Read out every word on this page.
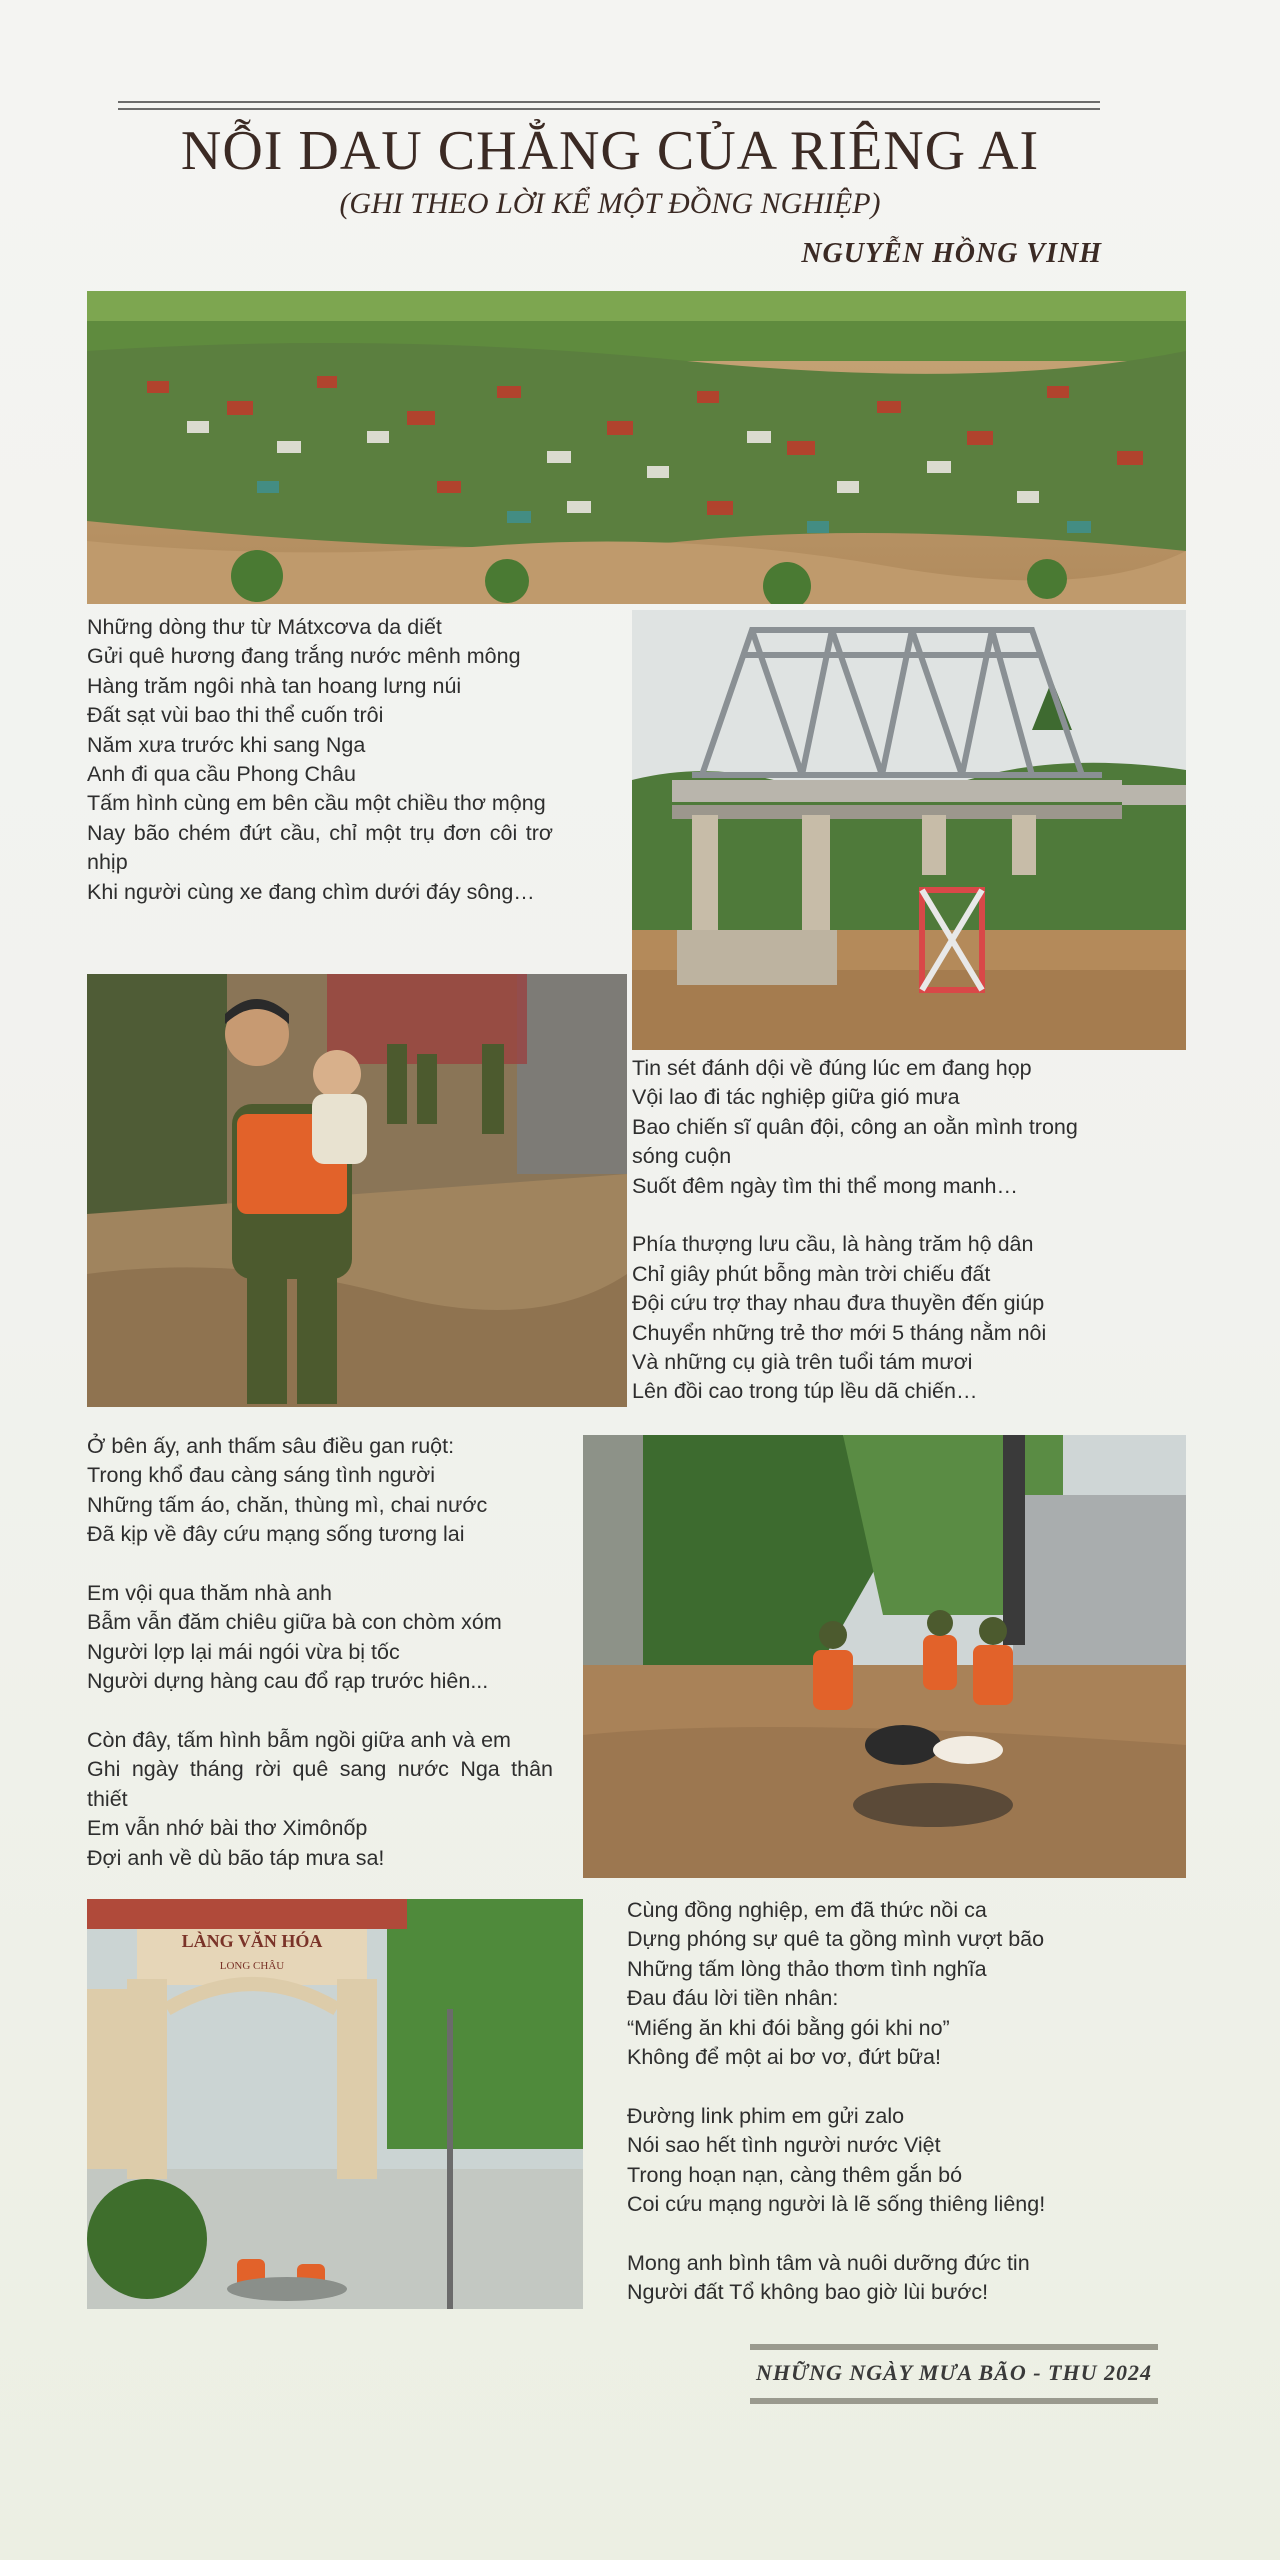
NỖI DAU CHẲNG CỦA RIÊNG AI
(GHI THEO LỜI KỂ MỘT ĐỒNG NGHIỆP)
NGUYỄN HỒNG VINH

Những dòng thư từ Mátxcơva da diết

Gửi quê hương đang trắng nước mênh mông

Hàng trăm ngôi nhà tan hoang lưng núi

Đất sạt vùi bao thi thể cuốn trôi

Năm xưa trước khi sang Nga

Anh đi qua cầu Phong Châu

Tấm hình cùng em bên cầu một chiều thơ mộng

Nay bão chém đứt cầu, chỉ một trụ đơn côi trơ nhịp

Khi người cùng xe đang chìm dưới đáy sông…

Tin sét đánh dội về đúng lúc em đang họp

Vội lao đi tác nghiệp giữa gió mưa

Bao chiến sĩ quân đội, công an oằn mình trong sóng cuộn

Suốt đêm ngày tìm thi thể mong manh…

Phía thượng lưu cầu, là hàng trăm hộ dân

Chỉ giây phút bỗng màn trời chiếu đất

Đội cứu trợ thay nhau đưa thuyền đến giúp

Chuyển những trẻ thơ mới 5 tháng nằm nôi

Và những cụ già trên tuổi tám mươi

Lên đồi cao trong túp lều dã chiến…

Ở bên ấy, anh thấm sâu điều gan ruột:

Trong khổ đau càng sáng tình người

Những tấm áo, chăn, thùng mì, chai nước

Đã kịp về đây cứu mạng sống tương lai

Em vội qua thăm nhà anh

Bẫm vẫn đăm chiêu giữa bà con chòm xóm

Người lợp lại mái ngói vừa bị tốc

Người dựng hàng cau đổ rạp trước hiên...

Còn đây, tấm hình bẫm ngồi giữa anh và em

Ghi ngày tháng rời quê sang nước Nga thân thiết

Em vẫn nhớ bài thơ Ximônốp

Đợi anh về dù bão táp mưa sa!

LÀNG VĂN HÓA
LONG CHÂU

Cùng đồng nghiệp, em đã thức nồi ca

Dựng phóng sự quê ta gồng mình vượt bão

Những tấm lòng thảo thơm tình nghĩa

Đau đáu lời tiền nhân:

“Miếng ăn khi đói bằng gói khi no”

Không để một ai bơ vơ, đứt bữa!

Đường link phim em gửi zalo

Nói sao hết tình người nước Việt

Trong hoạn nạn, càng thêm gắn bó

Coi cứu mạng người là lẽ sống thiêng liêng!

Mong anh bình tâm và nuôi dưỡng đức tin

Người đất Tổ không bao giờ lùi bước!

NHỮNG NGÀY MƯA BÃO - THU 2024
